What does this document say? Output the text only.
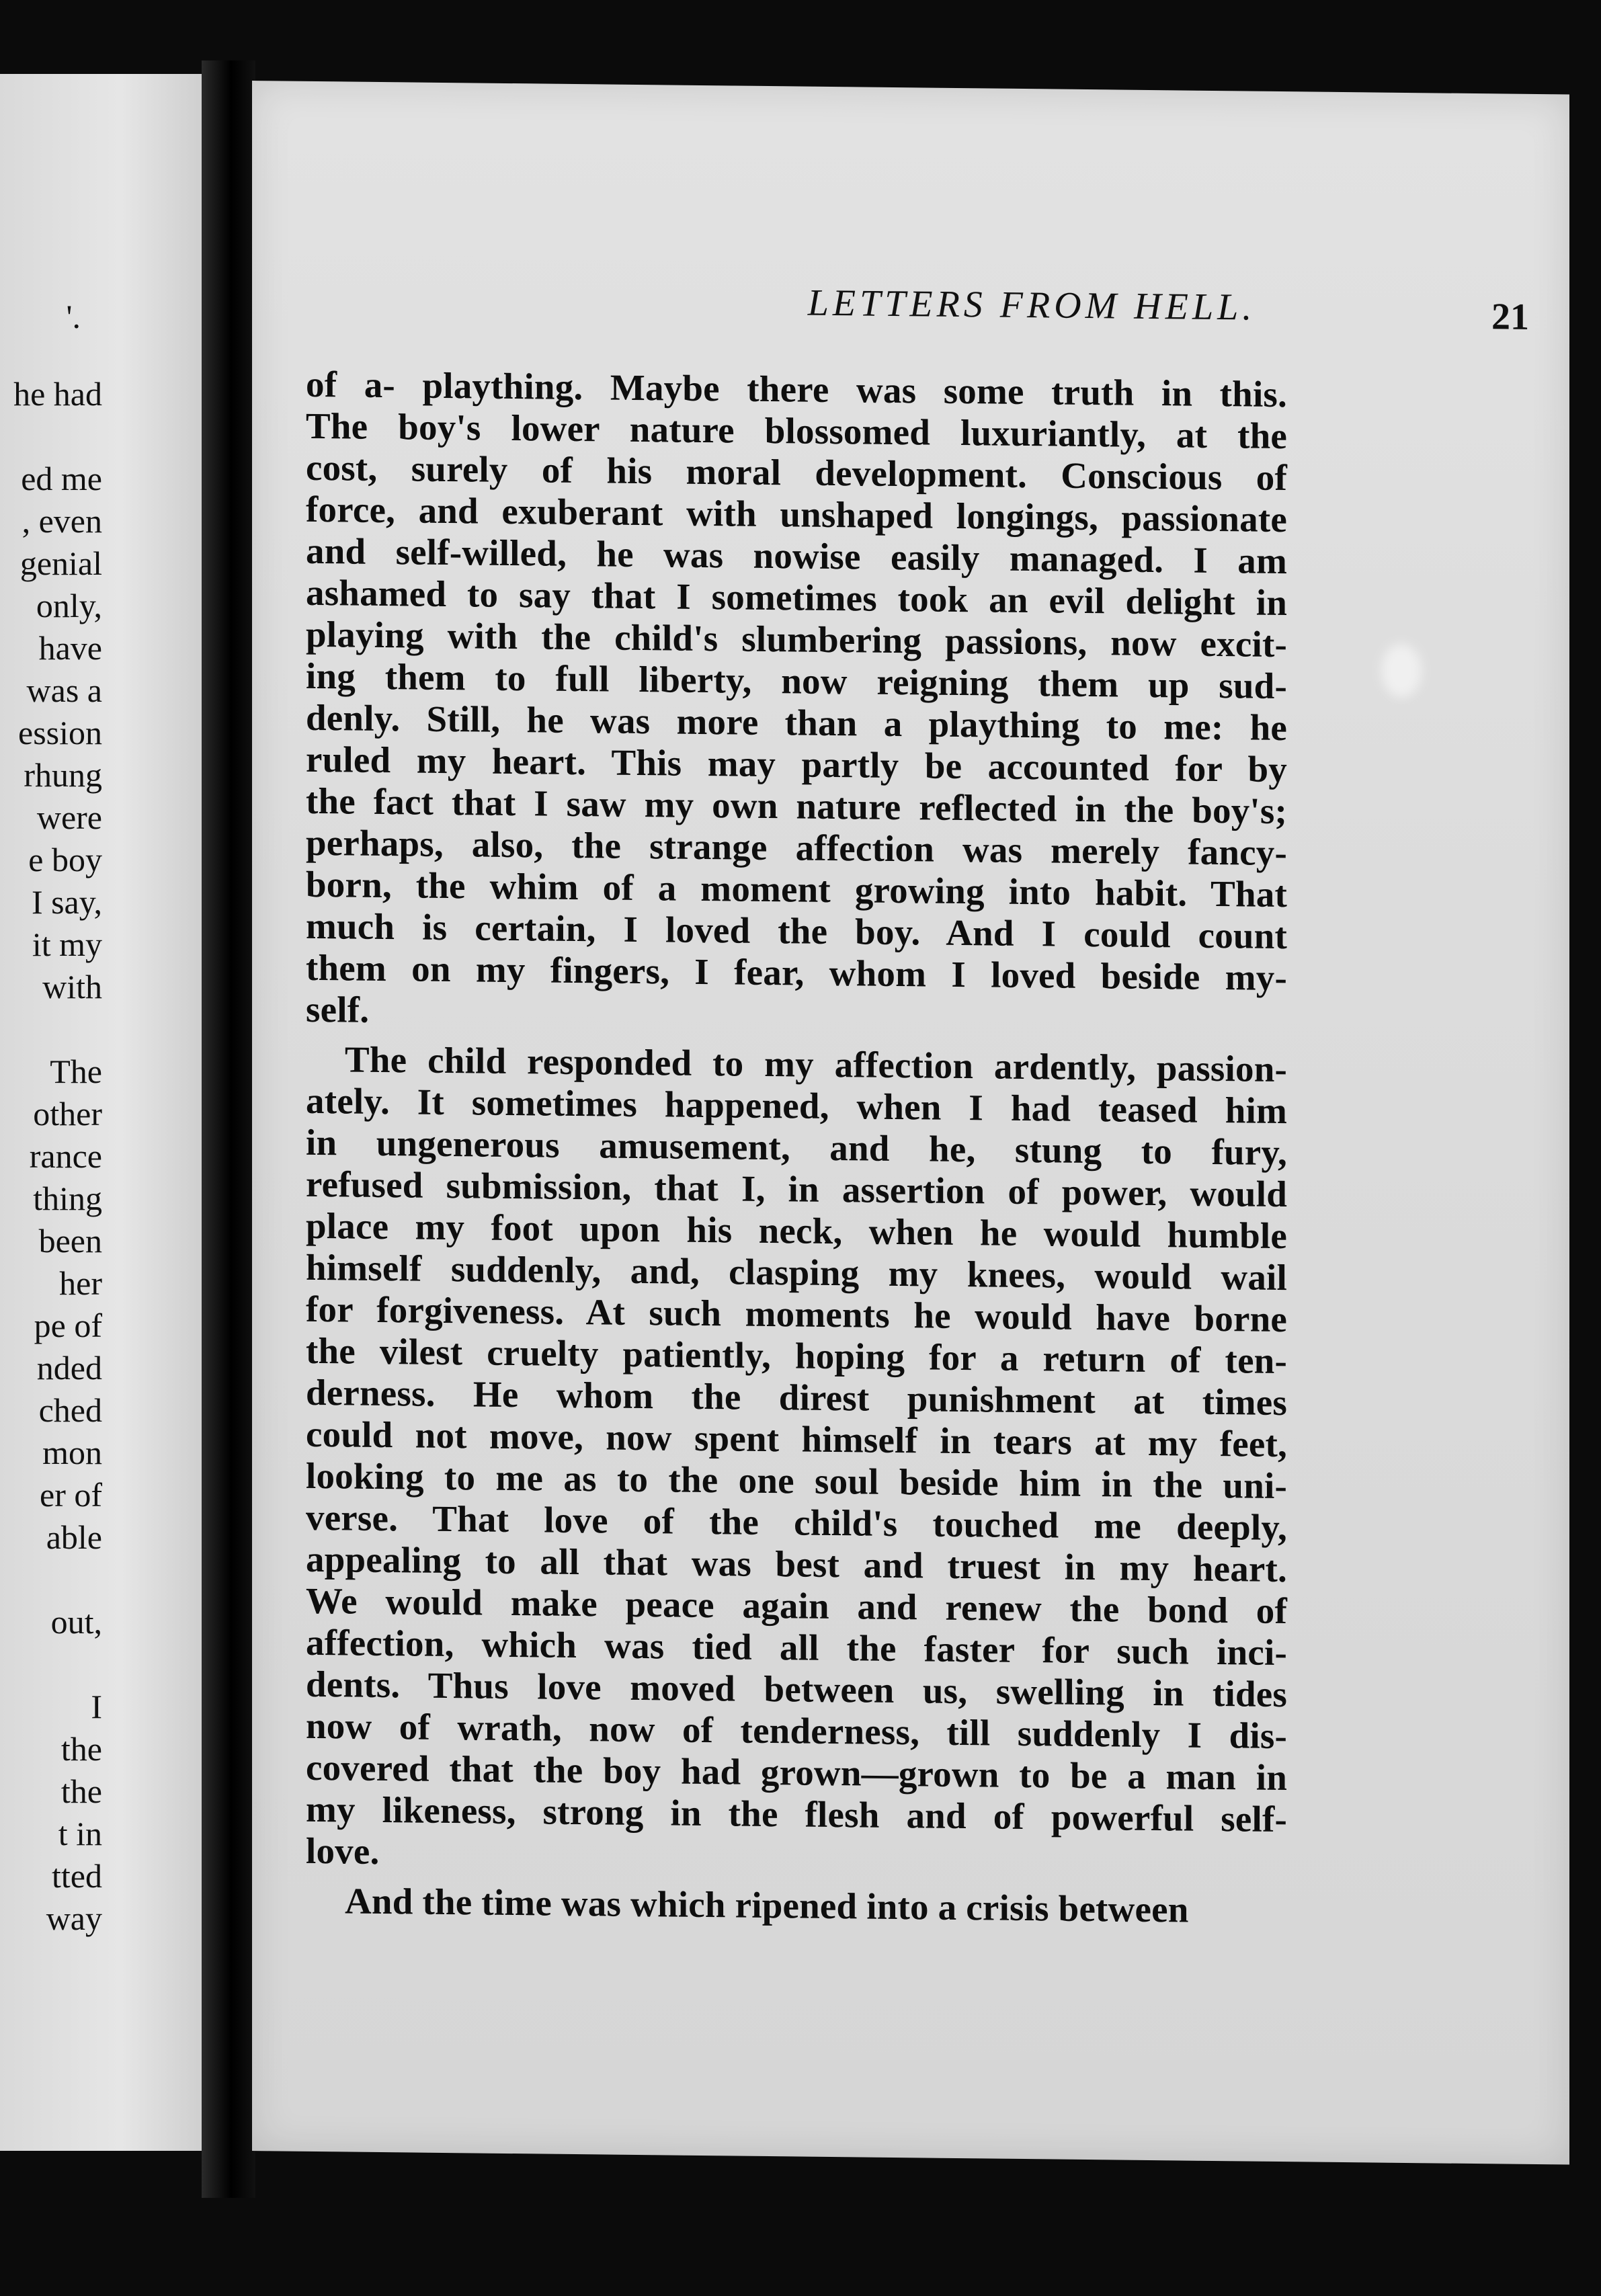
'.
he had
ed me
, even
genial
only,
have
was a
ession
rhung
were
e boy
I say,
it my
with
The
other
rance
thing
been
her
pe of
nded
ched
mon
er of
able
out,
I
the
the
t in
tted
way
LETTERS FROM HELL.	21
of a- plaything. Maybe there was some truth in this.
The boy's lower nature blossomed luxuriantly, at the
cost, surely of his moral development. Conscious of
force, and exuberant with unshaped longings, passionate
and self-willed, he was nowise easily managed. I am
ashamed to say that I sometimes took an evil delight in
playing with the child's slumbering passions, now excit-
ing them to full liberty, now reigning them up sud-
denly. Still, he was more than a plaything to me: he
ruled my heart. This may partly be accounted for by
the fact that I saw my own nature reflected in the boy's;
perhaps, also, the strange affection was merely fancy-
born, the whim of a moment growing into habit. That
much is certain, I loved the boy. And I could count
them on my fingers, I fear, whom I loved beside my-
self.
The child responded to my affection ardently, passion-
ately. It sometimes happened, when I had teased him
in ungenerous amusement, and he, stung to fury,
refused submission, that I, in assertion of power, would
place my foot upon his neck, when he would humble
himself suddenly, and, clasping my knees, would wail
for forgiveness. At such moments he would have borne
the vilest cruelty patiently, hoping for a return of ten-
derness. He whom the direst punishment at times
could not move, now spent himself in tears at my feet,
looking to me as to the one soul beside him in the uni-
verse. That love of the child's touched me deeply,
appealing to all that was best and truest in my heart.
We would make peace again and renew the bond of
affection, which was tied all the faster for such inci-
dents. Thus love moved between us, swelling in tides
now of wrath, now of tenderness, till suddenly I dis-
covered that the boy had grown—grown to be a man in
my likeness, strong in the flesh and of powerful self-
love.
And the time was which ripened into a crisis between
